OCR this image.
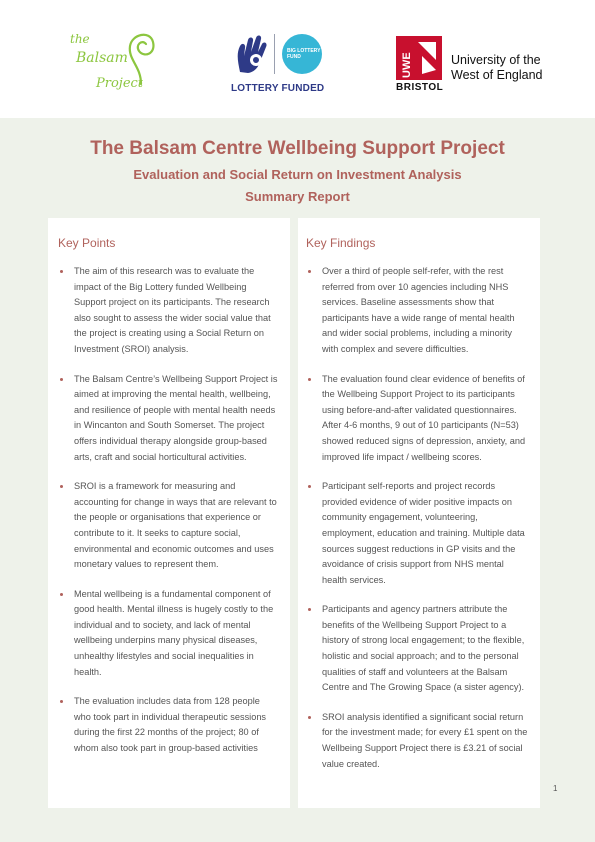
the
Balsam
Project
BIG LOTTERY FUND
LOTTERY FUNDED
UWE
BRISTOL
University of the
West of England
The Balsam Centre Wellbeing Support Project
Evaluation and Social Return on Investment Analysis
Summary Report
Key Points
The aim of this research was to evaluate the impact of the Big Lottery funded Wellbeing Support project on its participants. The research also sought to assess the wider social value that the project is creating using a Social Return on Investment (SROI) analysis.
The Balsam Centre’s Wellbeing Support Project is aimed at improving the mental health, wellbeing, and resilience of people with mental health needs in Wincanton and South Somerset. The project offers individual therapy alongside group-based arts, craft and social horticultural activities.
SROI is a framework for measuring and accounting for change in ways that are relevant to the people or organisations that experience or contribute to it. It seeks to capture social, environmental and economic outcomes and uses monetary values to represent them.
Mental wellbeing is a fundamental component of good health. Mental illness is hugely costly to the individual and to society, and lack of mental wellbeing underpins many physical diseases, unhealthy lifestyles and social inequalities in health.
The evaluation includes data from 128 people who took part in individual therapeutic sessions during the first 22 months of the project; 80 of whom also took part in group-based activities
Key Findings
Over a third of people self-refer, with the rest referred from over 10 agencies including NHS services. Baseline assessments show that participants have a wide range of mental health and wider social problems, including a minority with complex and severe difficulties.
The evaluation found clear evidence of benefits of the Wellbeing Support Project to its participants using before-and-after validated questionnaires. After 4-6 months, 9 out of 10 participants (N=53) showed reduced signs of depression, anxiety, and improved life impact / wellbeing scores.
Participant self-reports and project records provided evidence of wider positive impacts on community engagement, volunteering, employment, education and training. Multiple data sources suggest reductions in GP visits and the avoidance of crisis support from NHS mental health services.
Participants and agency partners attribute the benefits of the Wellbeing Support Project to a history of strong local engagement; to the flexible, holistic and social approach; and to the personal qualities of staff and volunteers at the Balsam Centre and The Growing Space (a sister agency).
SROI analysis identified a significant social return for the investment made; for every £1 spent on the Wellbeing Support Project there is £3.21 of social value created.
1
